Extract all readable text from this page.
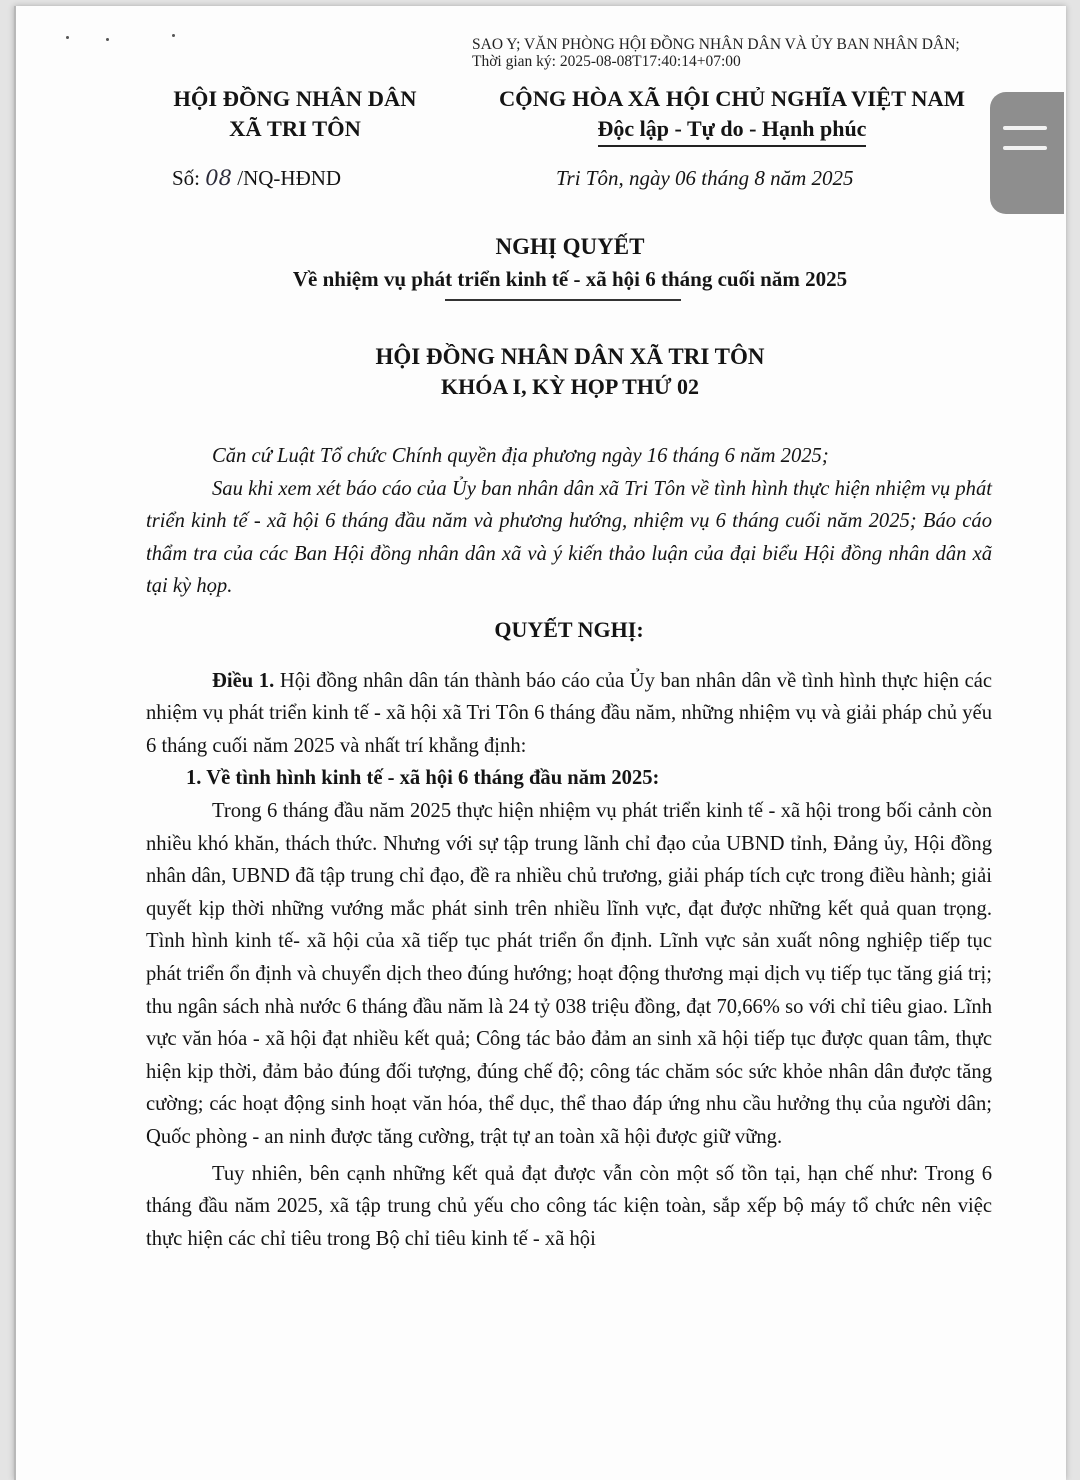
SAO Y; VĂN PHÒNG HỘI ĐỒNG NHÂN DÂN VÀ ỦY BAN NHÂN DÂN;
Thời gian ký: 2025-08-08T17:40:14+07:00
HỘI ĐỒNG NHÂN DÂN
XÃ TRI TÔN
CỘNG HÒA XÃ HỘI CHỦ NGHĨA VIỆT NAM
Độc lập - Tự do - Hạnh phúc
Số: 08 /NQ-HĐND	Tri Tôn, ngày 06 tháng 8 năm 2025
NGHỊ QUYẾT
Về nhiệm vụ phát triển kinh tế - xã hội 6 tháng cuối năm 2025
HỘI ĐỒNG NHÂN DÂN XÃ TRI TÔN
KHÓA I, KỲ HỌP THỨ 02

Căn cứ Luật Tổ chức Chính quyền địa phương ngày 16 tháng 6 năm 2025;

Sau khi xem xét báo cáo của Ủy ban nhân dân xã Tri Tôn về tình hình thực hiện nhiệm vụ phát triển kinh tế - xã hội 6 tháng đầu năm và phương hướng, nhiệm vụ 6 tháng cuối năm 2025; Báo cáo thẩm tra của các Ban Hội đồng nhân dân xã và ý kiến thảo luận của đại biểu Hội đồng nhân dân xã tại kỳ họp.

QUYẾT NGHỊ:

Điều 1. Hội đồng nhân dân tán thành báo cáo của Ủy ban nhân dân về tình hình thực hiện các nhiệm vụ phát triển kinh tế - xã hội xã Tri Tôn 6 tháng đầu năm, những nhiệm vụ và giải pháp chủ yếu 6 tháng cuối năm 2025 và nhất trí khẳng định:

1. Về tình hình kinh tế - xã hội 6 tháng đầu năm 2025:

Trong 6 tháng đầu năm 2025 thực hiện nhiệm vụ phát triển kinh tế - xã hội trong bối cảnh còn nhiều khó khăn, thách thức. Nhưng với sự tập trung lãnh chỉ đạo của UBND tỉnh, Đảng ủy, Hội đồng nhân dân, UBND đã tập trung chỉ đạo, đề ra nhiều chủ trương, giải pháp tích cực trong điều hành; giải quyết kịp thời những vướng mắc phát sinh trên nhiều lĩnh vực, đạt được những kết quả quan trọng. Tình hình kinh tế- xã hội của xã tiếp tục phát triển ổn định. Lĩnh vực sản xuất nông nghiệp tiếp tục phát triển ổn định và chuyển dịch theo đúng hướng; hoạt động thương mại dịch vụ tiếp tục tăng giá trị; thu ngân sách nhà nước 6 tháng đầu năm là 24 tỷ 038 triệu đồng, đạt 70,66% so với chỉ tiêu giao. Lĩnh vực văn hóa - xã hội đạt nhiều kết quả; Công tác bảo đảm an sinh xã hội tiếp tục được quan tâm, thực hiện kịp thời, đảm bảo đúng đối tượng, đúng chế độ; công tác chăm sóc sức khỏe nhân dân được tăng cường; các hoạt động sinh hoạt văn hóa, thể dục, thể thao đáp ứng nhu cầu hưởng thụ của người dân; Quốc phòng - an ninh được tăng cường, trật tự an toàn xã hội được giữ vững.

Tuy nhiên, bên cạnh những kết quả đạt được vẫn còn một số tồn tại, hạn chế như: Trong 6 tháng đầu năm 2025, xã tập trung chủ yếu cho công tác kiện toàn, sắp xếp bộ máy tổ chức nên việc thực hiện các chỉ tiêu trong Bộ chỉ tiêu kinh tế - xã hội
